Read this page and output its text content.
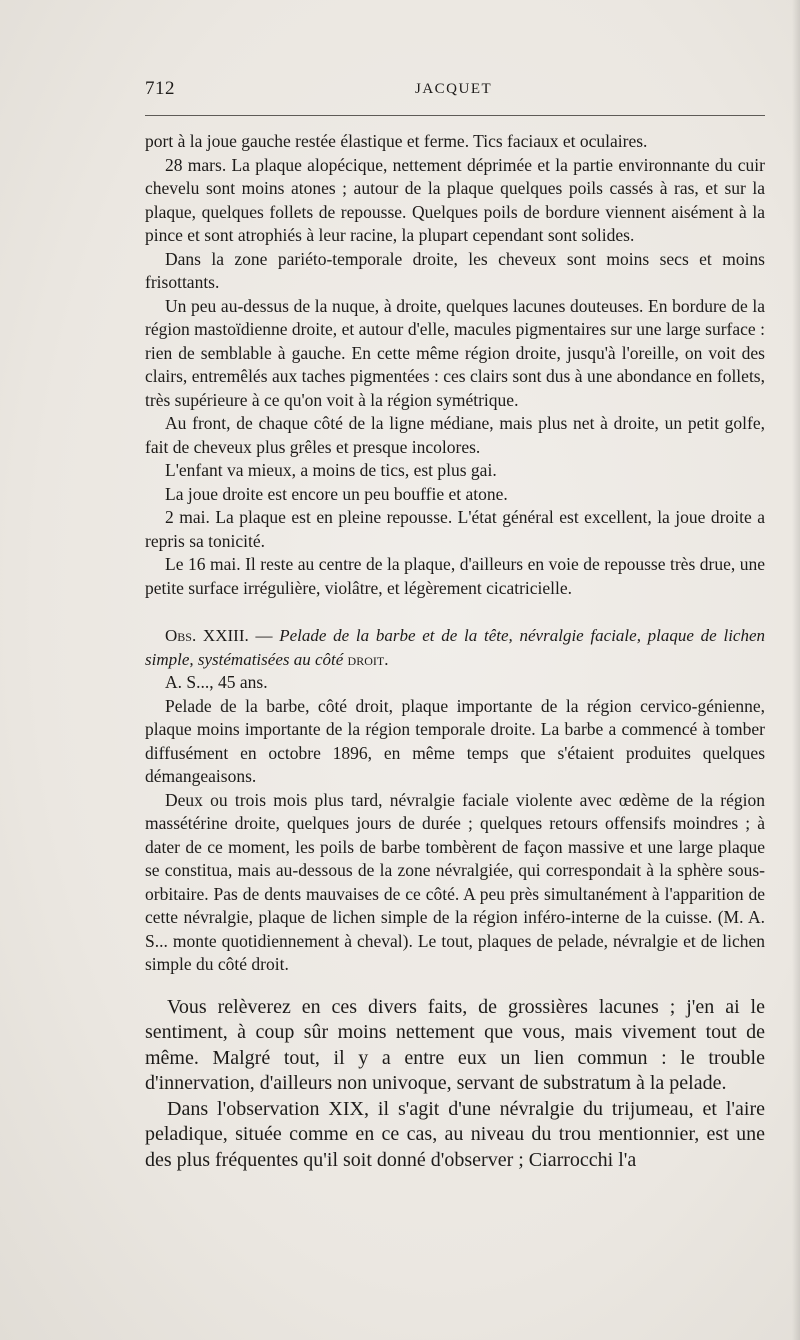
712	JACQUET

port à la joue gauche restée élastique et ferme. Tics faciaux et oculaires.

28 mars. La plaque alopécique, nettement déprimée et la partie environnante du cuir chevelu sont moins atones ; autour de la plaque quelques poils cassés à ras, et sur la plaque, quelques follets de repousse. Quelques poils de bordure viennent aisément à la pince et sont atrophiés à leur racine, la plupart cependant sont solides.

Dans la zone pariéto-temporale droite, les cheveux sont moins secs et moins frisottants.

Un peu au-dessus de la nuque, à droite, quelques lacunes douteuses. En bordure de la région mastoïdienne droite, et autour d'elle, macules pigmentaires sur une large surface : rien de semblable à gauche. En cette même région droite, jusqu'à l'oreille, on voit des clairs, entremêlés aux taches pigmentées : ces clairs sont dus à une abondance en follets, très supérieure à ce qu'on voit à la région symétrique.

Au front, de chaque côté de la ligne médiane, mais plus net à droite, un petit golfe, fait de cheveux plus grêles et presque incolores.

L'enfant va mieux, a moins de tics, est plus gai.

La joue droite est encore un peu bouffie et atone.

2 mai. La plaque est en pleine repousse. L'état général est excellent, la joue droite a repris sa tonicité.

Le 16 mai. Il reste au centre de la plaque, d'ailleurs en voie de repousse très drue, une petite surface irrégulière, violâtre, et légèrement cicatricielle.

Obs. XXIII. — Pelade de la barbe et de la tête, névralgie faciale, plaque de lichen simple, systématisées au côté droit.

A. S..., 45 ans.

Pelade de la barbe, côté droit, plaque importante de la région cervico-génienne, plaque moins importante de la région temporale droite. La barbe a commencé à tomber diffusément en octobre 1896, en même temps que s'étaient produites quelques démangeaisons.

Deux ou trois mois plus tard, névralgie faciale violente avec œdème de la région massétérine droite, quelques jours de durée ; quelques retours offensifs moindres ; à dater de ce moment, les poils de barbe tombèrent de façon massive et une large plaque se constitua, mais au-dessous de la zone névralgiée, qui correspondait à la sphère sous-orbitaire. Pas de dents mauvaises de ce côté. A peu près simultanément à l'apparition de cette névralgie, plaque de lichen simple de la région inféro-interne de la cuisse. (M. A. S... monte quotidiennement à cheval). Le tout, plaques de pelade, névralgie et de lichen simple du côté droit.

Vous relèverez en ces divers faits, de grossières lacunes ; j'en ai le sentiment, à coup sûr moins nettement que vous, mais vivement tout de même. Malgré tout, il y a entre eux un lien commun : le trouble d'innervation, d'ailleurs non univoque, servant de substratum à la pelade.

Dans l'observation XIX, il s'agit d'une névralgie du trijumeau, et l'aire peladique, située comme en ce cas, au niveau du trou mentionnier, est une des plus fréquentes qu'il soit donné d'observer ; Ciarrocchi l'a
